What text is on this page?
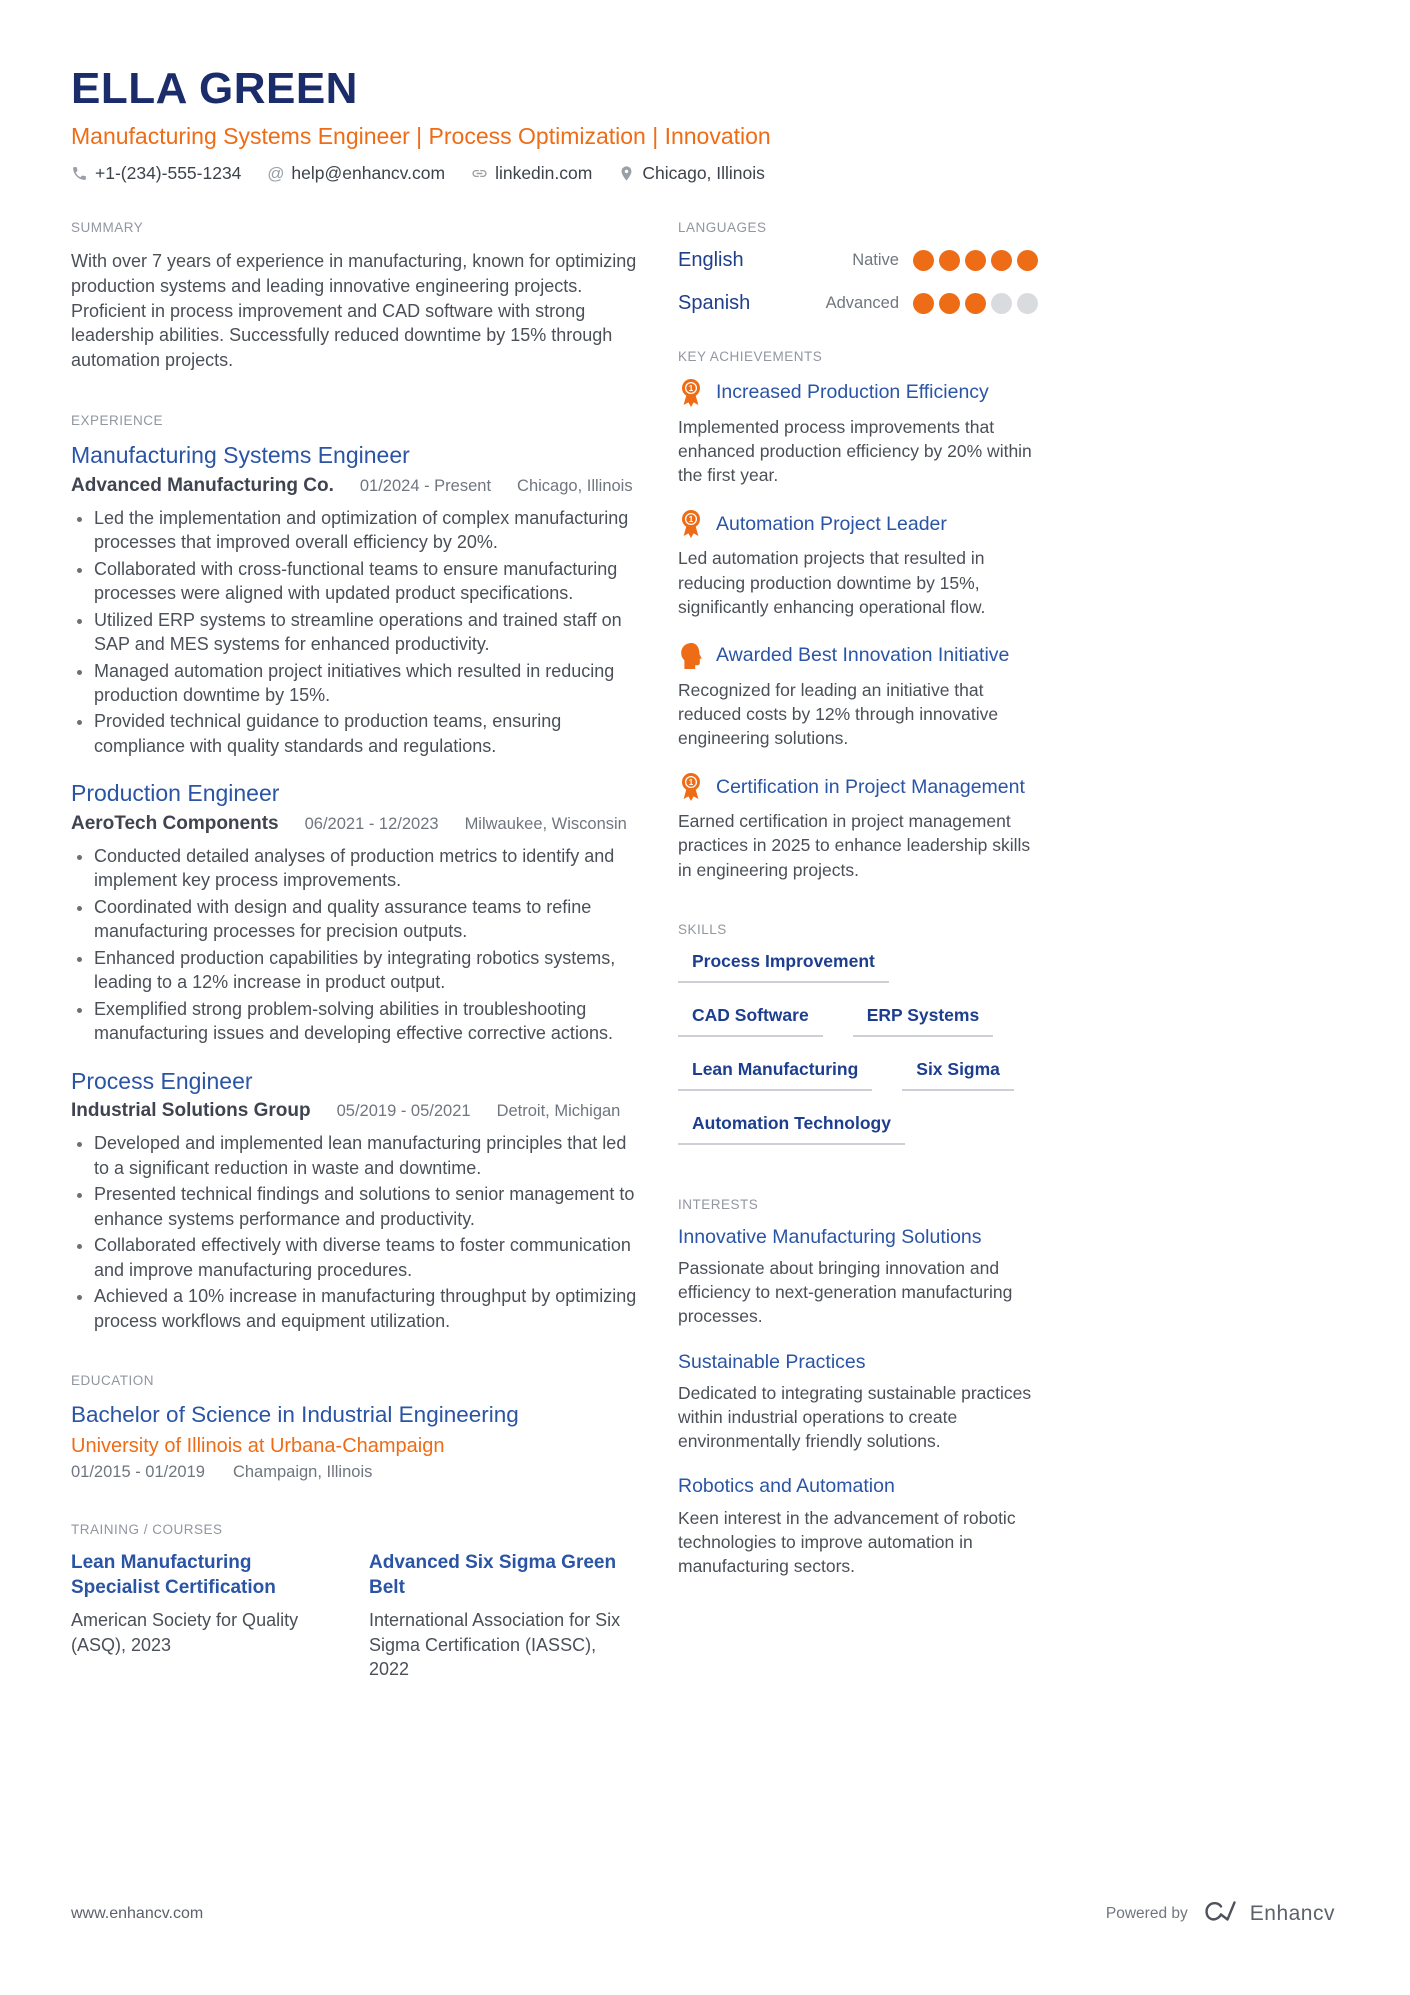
ELLA GREEN
Manufacturing Systems Engineer | Process Optimization | Innovation
+1-(234)-555-1234 @ help@enhancv.com	linkedin.com	Chicago, Illinois
SUMMARY

With over 7 years of experience in manufacturing, known for optimizing production systems and leading innovative engineering projects. Proficient in process improvement and CAD software with strong leadership abilities. Successfully reduced downtime by 15% through automation projects.

EXPERIENCE
Manufacturing Systems Engineer
Advanced Manufacturing Co. 01/2024 - Present Chicago, Illinois
• Led the implementation and optimization of complex manufacturing processes that improved overall efficiency by 20%.
• Collaborated with cross-functional teams to ensure manufacturing processes were aligned with updated product specifications.
• Utilized ERP systems to streamline operations and trained staff on SAP and MES systems for enhanced productivity.
• Managed automation project initiatives which resulted in reducing production downtime by 15%.
• Provided technical guidance to production teams, ensuring compliance with quality standards and regulations.
Production Engineer
AeroTech Components 06/2021 - 12/2023 Milwaukee, Wisconsin
• Conducted detailed analyses of production metrics to identify and implement key process improvements.
• Coordinated with design and quality assurance teams to refine manufacturing processes for precision outputs.
• Enhanced production capabilities by integrating robotics systems, leading to a 12% increase in product output.
• Exemplified strong problem-solving abilities in troubleshooting manufacturing issues and developing effective corrective actions.
Process Engineer
Industrial Solutions Group 05/2019 - 05/2021 Detroit, Michigan
• Developed and implemented lean manufacturing principles that led to a significant reduction in waste and downtime.
• Presented technical findings and solutions to senior management to enhance systems performance and productivity.
• Collaborated effectively with diverse teams to foster communication and improve manufacturing procedures.
• Achieved a 10% increase in manufacturing throughput by optimizing process workflows and equipment utilization.
EDUCATION
Bachelor of Science in Industrial Engineering
University of Illinois at Urbana-Champaign
01/2015 - 01/2019 Champaign, Illinois
TRAINING / COURSES
Lean Manufacturing Specialist Certification
American Society for Quality (ASQ), 2023
Advanced Six Sigma Green Belt
International Association for Six Sigma Certification (IASSC), 2022
LANGUAGES
English	Native
Spanish	Advanced
KEY ACHIEVEMENTS
1 Increased Production Efficiency

Implemented process improvements that enhanced production efficiency by 20% within the first year.

1 Automation Project Leader

Led automation projects that resulted in reducing production downtime by 15%, significantly enhancing operational flow.

Awarded Best Innovation Initiative

Recognized for leading an initiative that reduced costs by 12% through innovative engineering solutions.

1 Certification in Project Management

Earned certification in project management practices in 2025 to enhance leadership skills in engineering projects.

SKILLS
Process Improvement
CAD Software	ERP Systems
Lean Manufacturing	Six Sigma
Automation Technology
INTERESTS
Innovative Manufacturing Solutions

Passionate about bringing innovation and efficiency to next-generation manufacturing processes.

Sustainable Practices

Dedicated to integrating sustainable practices within industrial operations to create environmentally friendly solutions.

Robotics and Automation

Keen interest in the advancement of robotic technologies to improve automation in manufacturing sectors.

www.enhancv.com	Powered by	Enhancv
